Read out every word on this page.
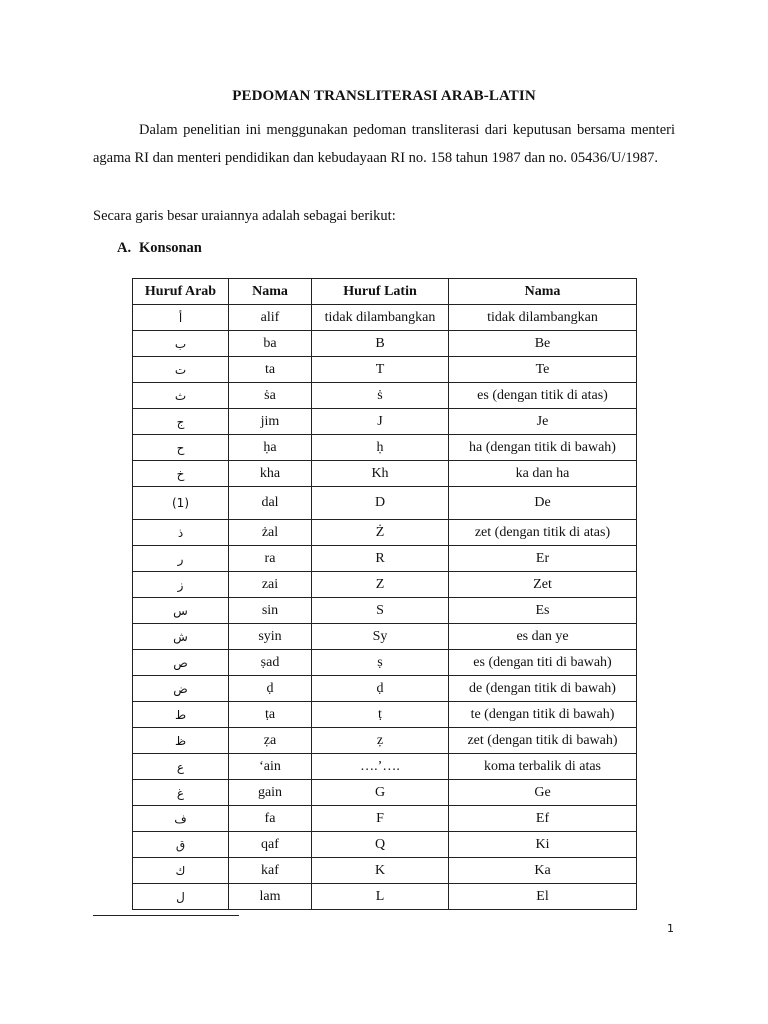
PEDOMAN TRANSLITERASI ARAB-LATIN
Dalam penelitian ini menggunakan pedoman transliterasi dari keputusan bersama menteri agama RI dan menteri pendidikan dan kebudayaan RI no. 158 tahun 1987 dan no. 05436/U/1987.
Secara garis besar uraiannya adalah sebagai berikut:
A. Konsonan
Huruf Arab	Nama	Huruf Latin	Nama
أ	alif	tidak dilambangkan	tidak dilambangkan
ب	ba	B	Be
ت	ta	T	Te
ث	ṡa	ṡ	es (dengan titik di atas)
ج	jim	J	Je
ح	ḥa	ḥ	ha (dengan titik di bawah)
خ	kha	Kh	ka dan ha
(1)	dal	D	De
ذ	żal	Ż	zet (dengan titik di atas)
ر	ra	R	Er
ز	zai	Z	Zet
س	sin	S	Es
ش	syin	Sy	es dan ye
ص	ṣad	ṣ	es (dengan titi di bawah)
ض	ḍ	ḍ	de (dengan titik di bawah)
ط	ṭa	ṭ	te (dengan titik di bawah)
ظ	ẓa	ẓ	zet (dengan titik di bawah)
ع	‘ain	….’….	koma terbalik di atas
غ	gain	G	Ge
ف	fa	F	Ef
ق	qaf	Q	Ki
ك	kaf	K	Ka
ل	lam	L	El
1
